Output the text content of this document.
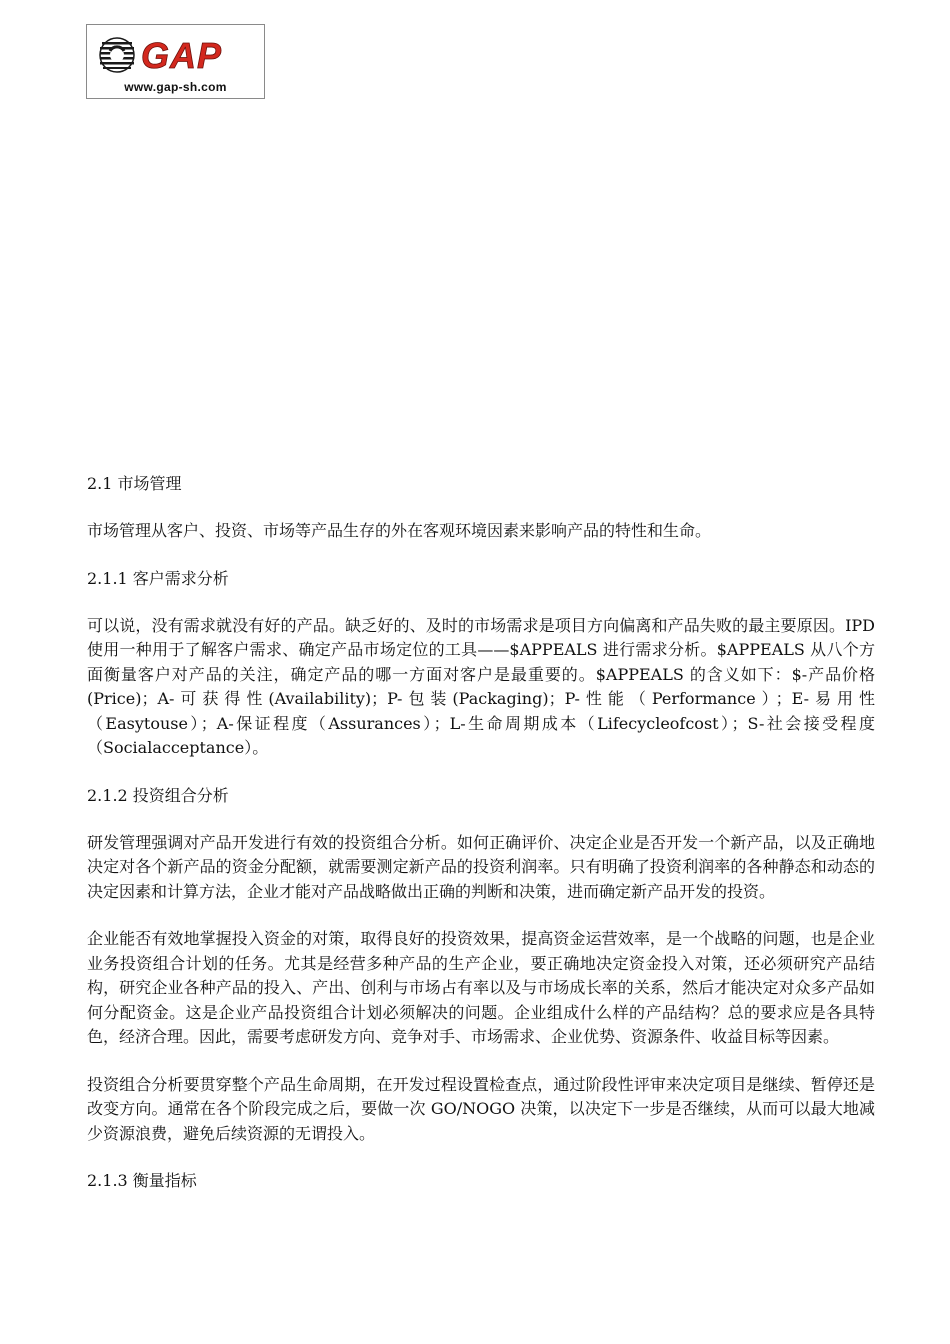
GAP
www.gap-sh.com
2.1 市场管理

市场管理从客户、投资、市场等产品生存的外在客观环境因素来影响产品的特性和生命。

2.1.1 客户需求分析

可以说，没有需求就没有好的产品。缺乏好的、及时的市场需求是项目方向偏离和产品失败的最主要原因。IPD 使用一种用于了解客户需求、确定产品市场定位的工具——$APPEALS 进行需求分析。$APPEALS 从八个方面衡量客户对产品的关注，确定产品的哪一方面对客户是最重要的。$APPEALS 的含义如下：$-产品价格(Price)；A-可获得性(Availability)；P-包装(Packaging)；P-性能（Performance）；E-易用性（Easytouse）；A-保证程度（Assurances）；L-生命周期成本（Lifecycleofcost）；S-社会接受程度（Socialacceptance）。

2.1.2 投资组合分析

研发管理强调对产品开发进行有效的投资组合分析。如何正确评价、决定企业是否开发一个新产品，以及正确地决定对各个新产品的资金分配额，就需要测定新产品的投资利润率。只有明确了投资利润率的各种静态和动态的决定因素和计算方法，企业才能对产品战略做出正确的判断和决策，进而确定新产品开发的投资。

企业能否有效地掌握投入资金的对策，取得良好的投资效果，提高资金运营效率，是一个战略的问题，也是企业业务投资组合计划的任务。尤其是经营多种产品的生产企业，要正确地决定资金投入对策，还必须研究产品结构，研究企业各种产品的投入、产出、创利与市场占有率以及与市场成长率的关系，然后才能决定对众多产品如何分配资金。这是企业产品投资组合计划必须解决的问题。企业组成什么样的产品结构？总的要求应是各具特色，经济合理。因此，需要考虑研发方向、竞争对手、市场需求、企业优势、资源条件、收益目标等因素。

投资组合分析要贯穿整个产品生命周期，在开发过程设置检查点，通过阶段性评审来决定项目是继续、暂停还是改变方向。通常在各个阶段完成之后，要做一次 GO/NOGO 决策，以决定下一步是否继续，从而可以最大地减少资源浪费，避免后续资源的无谓投入。

2.1.3 衡量指标
